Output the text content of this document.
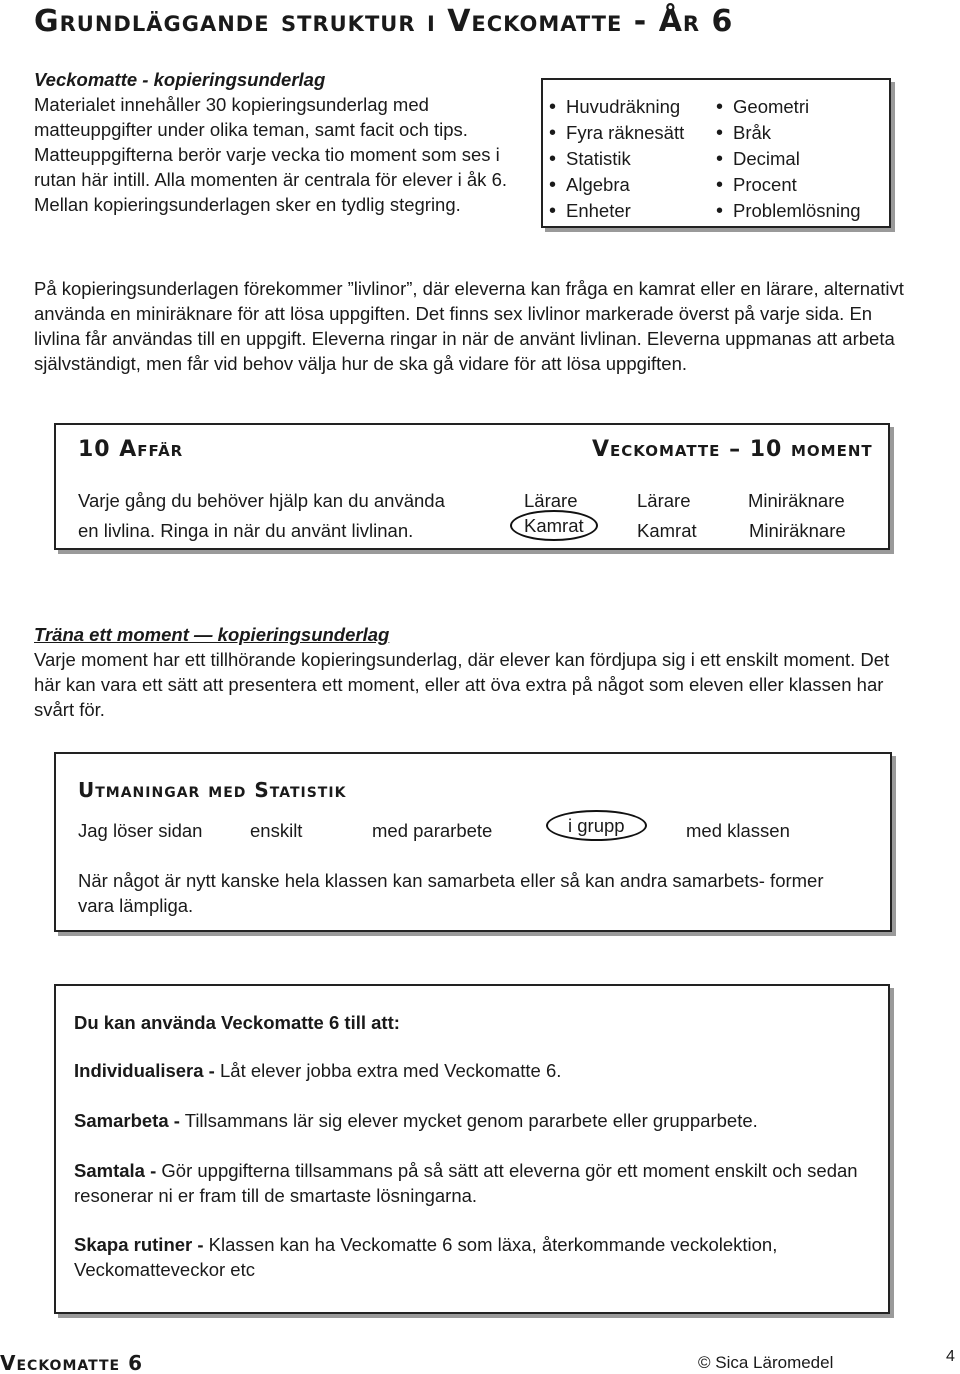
Grundläggande struktur i Veckomatte - År 6
Veckomatte - kopieringsunderlag
Materialet innehåller 30 kopieringsunderlag med matteuppgifter under olika teman, samt facit och tips. Matteuppgifterna berör varje vecka tio moment som ses i rutan här intill. Alla momenten är centrala för elever i åk 6. Mellan kopieringsunderlagen sker en tydlig stegring.
• Huvudräkning
• Fyra räknesätt
• Statistik
• Algebra
• Enheter
• Geometri
• Bråk
• Decimal
• Procent
• Problemlösning
På kopieringsunderlagen förekommer ”livlinor”, där eleverna kan fråga en kamrat eller en lärare, alternativt använda en miniräknare för att lösa uppgiften. Det finns sex livlinor markerade överst på varje sida. En livlina får användas till en uppgift. Eleverna ringar in när de använt livlinan. Eleverna uppmanas att arbeta självständigt, men får vid behov välja hur de ska gå vidare för att lösa uppgiften.
10 Affär	Veckomatte – 10 moment
Varje gång du behöver hjälp kan du använda
en livlina. Ringa in när du använt livlinan.
Lärare	Lärare	Miniräknare
Kamrat	Kamrat	Miniräknare
Träna ett moment — kopieringsunderlag
Varje moment har ett tillhörande kopieringsunderlag, där elever kan fördjupa sig i ett enskilt moment. Det här kan vara ett sätt att presentera ett moment, eller att öva extra på något som eleven eller klassen har svårt för.
Utmaningar med Statistik
Jag löser sidan	enskilt	med pararbete	i grupp	med klassen
När något är nytt kanske hela klassen kan samarbeta eller så kan andra samarbets- former vara lämpliga.
Du kan använda Veckomatte 6 till att:
Individualisera - Låt elever jobba extra med Veckomatte 6.
Samarbeta - Tillsammans lär sig elever mycket genom pararbete eller grupparbete.
Samtala - Gör uppgifterna tillsammans på så sätt att eleverna gör ett moment enskilt och sedan resonerar ni er fram till de smartaste lösningarna.
Skapa rutiner - Klassen kan ha Veckomatte 6 som läxa, återkommande veckolektion, Veckomatteveckor etc
Veckomatte 6	© Sica Läromedel	4
